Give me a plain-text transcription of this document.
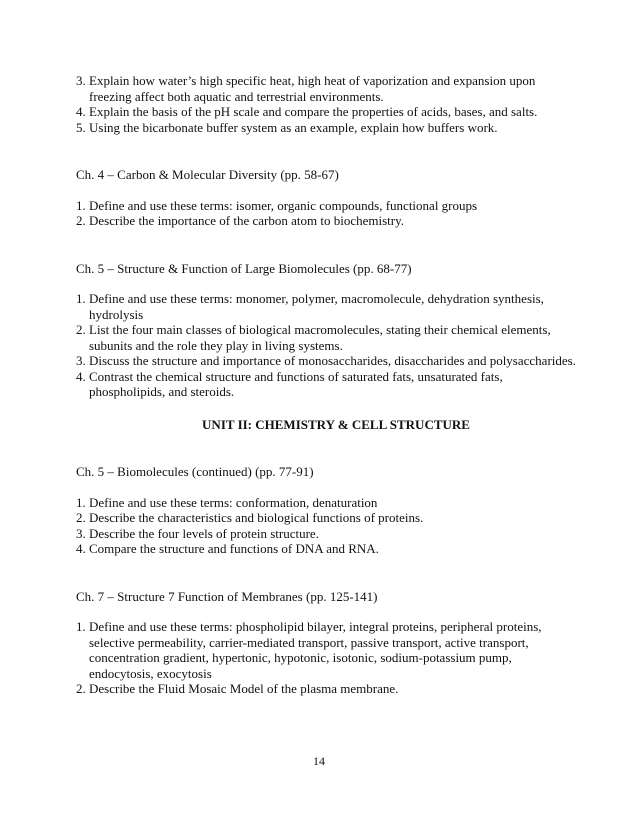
3. Explain how water’s high specific heat, high heat of vaporization and expansion upon freezing affect both aquatic and terrestrial environments.
4. Explain the basis of the pH scale and compare the properties of acids, bases, and salts.
5. Using the bicarbonate buffer system as an example, explain how buffers work.
Ch. 4 – Carbon & Molecular Diversity (pp. 58-67)
1. Define and use these terms: isomer, organic compounds, functional groups
2. Describe the importance of the carbon atom to biochemistry.
Ch. 5 – Structure & Function of Large Biomolecules (pp. 68-77)
1. Define and use these terms: monomer, polymer, macromolecule, dehydration synthesis, hydrolysis
2. List the four main classes of biological macromolecules, stating their chemical elements, subunits and the role they play in living systems.
3. Discuss the structure and importance of monosaccharides, disaccharides and polysaccharides.
4. Contrast the chemical structure and functions of saturated fats, unsaturated fats, phospholipids, and steroids.
UNIT II: CHEMISTRY & CELL STRUCTURE
Ch. 5 – Biomolecules (continued) (pp. 77-91)
1. Define and use these terms: conformation, denaturation
2. Describe the characteristics and biological functions of proteins.
3. Describe the four levels of protein structure.
4. Compare the structure and functions of DNA and RNA.
Ch. 7 – Structure 7 Function of Membranes (pp. 125-141)
1. Define and use these terms: phospholipid bilayer, integral proteins, peripheral proteins, selective permeability, carrier-mediated transport, passive transport, active transport, concentration gradient, hypertonic, hypotonic, isotonic, sodium-potassium pump, endocytosis, exocytosis
2. Describe the Fluid Mosaic Model of the plasma membrane.
14
